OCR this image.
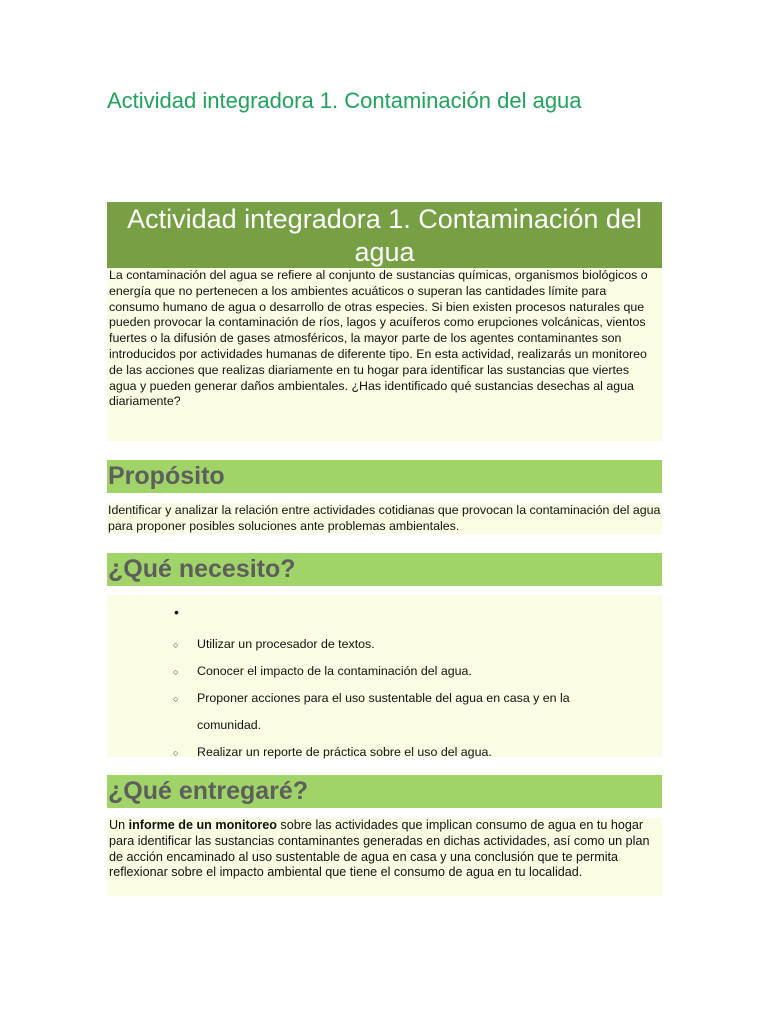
Actividad integradora 1. Contaminación del agua
Actividad integradora 1. Contaminación del agua
La contaminación del agua se refiere al conjunto de sustancias químicas, organismos biológicos o energía que no pertenecen a los ambientes acuáticos o superan las cantidades límite para consumo humano de agua o desarrollo de otras especies. Si bien existen procesos naturales que pueden provocar la contaminación de ríos, lagos y acuíferos como erupciones volcánicas, vientos fuertes o la difusión de gases atmosféricos, la mayor parte de los agentes contaminantes son introducidos por actividades humanas de diferente tipo. En esta actividad, realizarás un monitoreo de las acciones que realizas diariamente en tu hogar para identificar las sustancias que viertes agua y pueden generar daños ambientales. ¿Has identificado qué sustancias desechas al agua diariamente?
Propósito
Identificar y analizar la relación entre actividades cotidianas que provocan la contaminación del agua para proponer posibles soluciones ante problemas ambientales.
¿Qué necesito?
•
○ Utilizar un procesador de textos.
○ Conocer el impacto de la contaminación del agua.
○ Proponer acciones para el uso sustentable del agua en casa y en la
comunidad.
○ Realizar un reporte de práctica sobre el uso del agua.
¿Qué entregaré?
Un informe de un monitoreo sobre las actividades que implican consumo de agua en tu hogar para identificar las sustancias contaminantes generadas en dichas actividades, así como un plan de acción encaminado al uso sustentable de agua en casa y una conclusión que te permita reflexionar sobre el impacto ambiental que tiene el consumo de agua en tu localidad.
